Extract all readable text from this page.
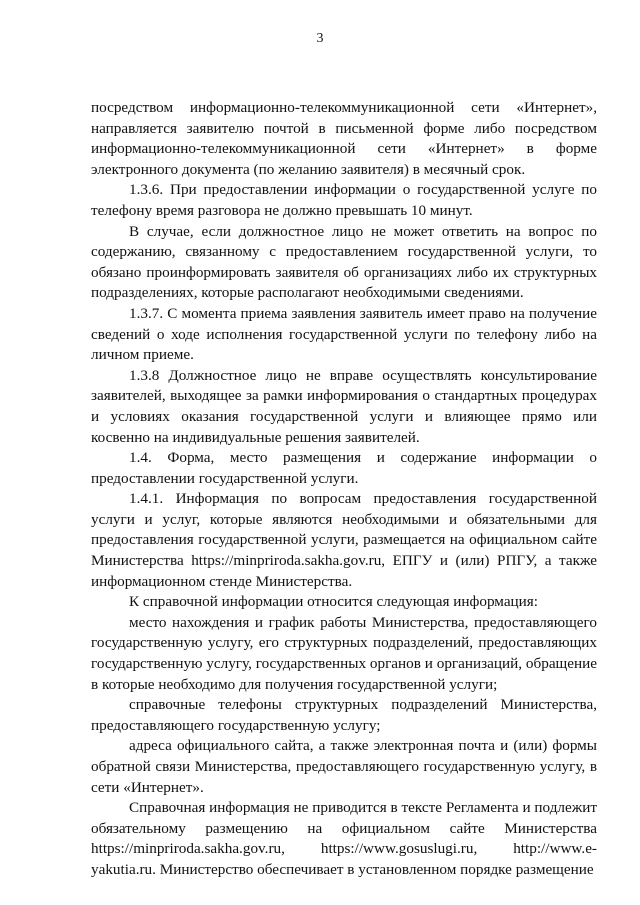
3

посредством информационно-телекоммуникационной сети «Интернет», направляется заявителю почтой в письменной форме либо посредством информационно-телекоммуникационной сети «Интернет» в форме электронного документа (по желанию заявителя) в месячный срок.

1.3.6. При предоставлении информации о государственной услуге по телефону время разговора не должно превышать 10 минут.

В случае, если должностное лицо не может ответить на вопрос по содержанию, связанному с предоставлением государственной услуги, то обязано проинформировать заявителя об организациях либо их структурных подразделениях, которые располагают необходимыми сведениями.

1.3.7. С момента приема заявления заявитель имеет право на получение сведений о ходе исполнения государственной услуги по телефону либо на личном приеме.

1.3.8 Должностное лицо не вправе осуществлять консультирование заявителей, выходящее за рамки информирования о стандартных процедурах и условиях оказания государственной услуги и влияющее прямо или косвенно на индивидуальные решения заявителей.

1.4. Форма, место размещения и содержание информации о предоставлении государственной услуги.

1.4.1. Информация по вопросам предоставления государственной услуги и услуг, которые являются необходимыми и обязательными для предоставления государственной услуги, размещается на официальном сайте Министерства https://minpriroda.sakha.gov.ru, ЕПГУ и (или) РПГУ, а также информационном стенде Министерства.

К справочной информации относится следующая информация:

место нахождения и график работы Министерства, предоставляющего государственную услугу, его структурных подразделений, предоставляющих государственную услугу, государственных органов и организаций, обращение в которые необходимо для получения государственной услуги;

справочные телефоны структурных подразделений Министерства, предоставляющего государственную услугу;

адреса официального сайта, а также электронная почта и (или) формы обратной связи Министерства, предоставляющего государственную услугу, в сети «Интернет».

Справочная информация не приводится в тексте Регламента и подлежит обязательному размещению на официальном сайте Министерства https://minpriroda.sakha.gov.ru, https://www.gosuslugi.ru, http://www.e-yakutia.ru. Министерство обеспечивает в установленном порядке размещение
